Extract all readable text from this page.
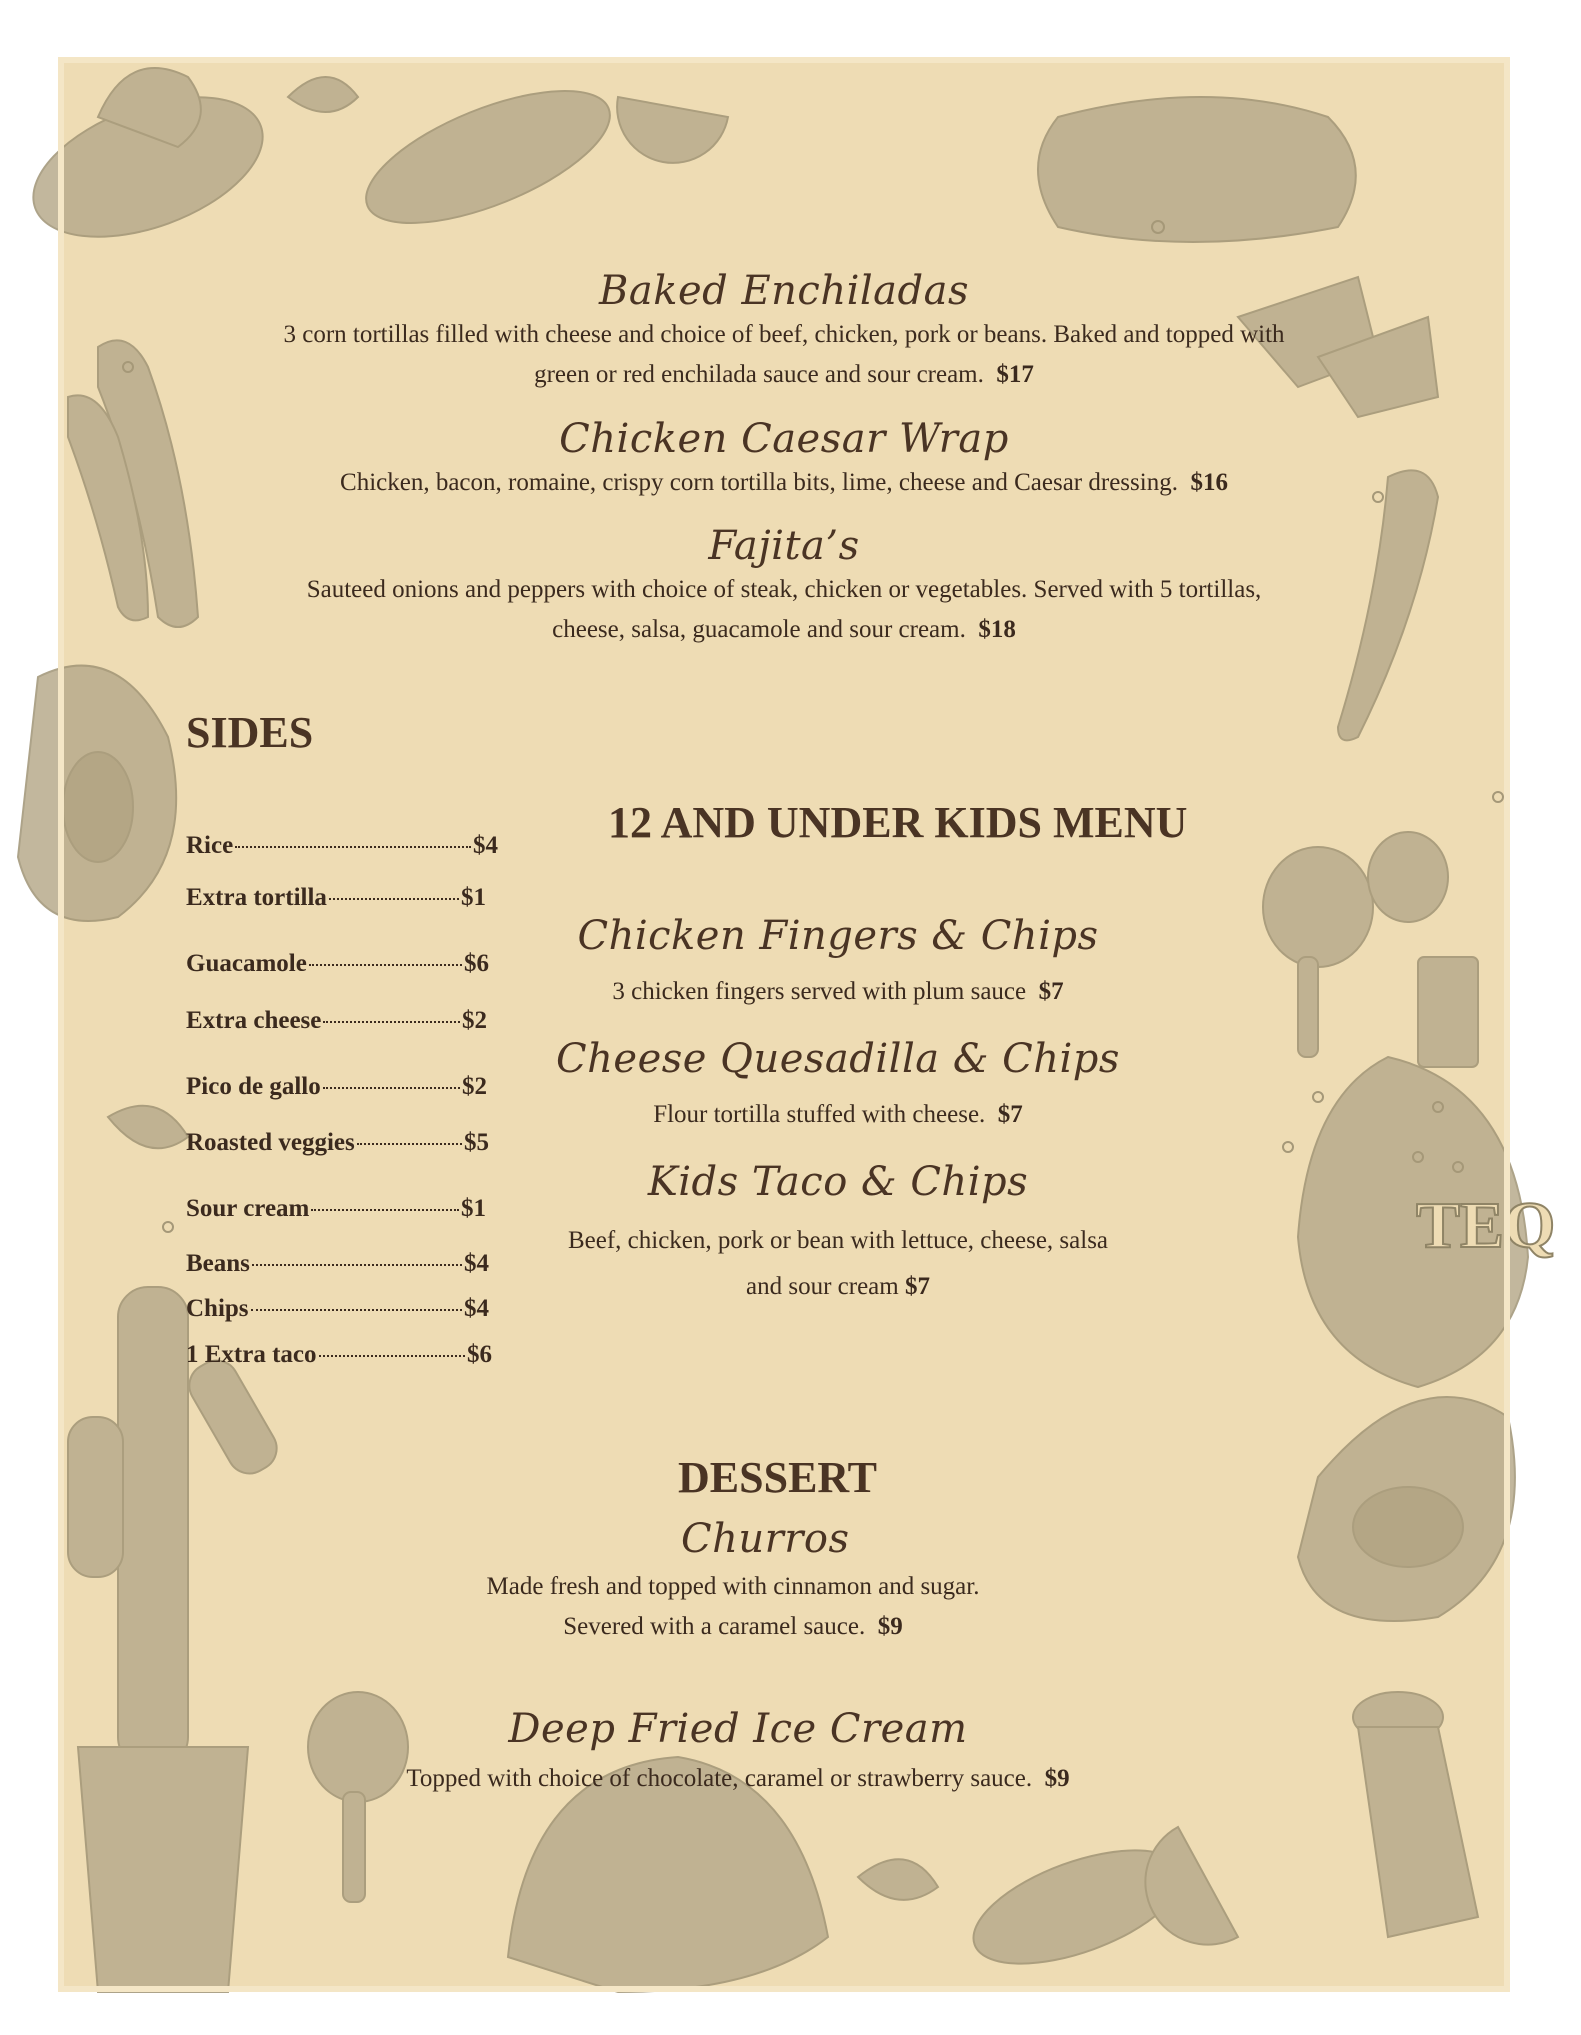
TEQ
Baked Enchiladas
3 corn tortillas filled with cheese and choice of beef, chicken, pork or beans. Baked and topped with
green or red enchilada sauce and sour cream. $17
Chicken Caesar Wrap
Chicken, bacon, romaine, crispy corn tortilla bits, lime, cheese and Caesar dressing. $16
Fajita’s
Sauteed onions and peppers with choice of steak, chicken or vegetables. Served with 5 tortillas,
cheese, salsa, guacamole and sour cream. $18
SIDES
Rice	$4
Extra tortilla	$1
Guacamole	$6
Extra cheese	$2
Pico de gallo	$2
Roasted veggies	$5
Sour cream	$1
Beans	$4
Chips	$4
1 Extra taco	$6
12 AND UNDER KIDS MENU
Chicken Fingers & Chips
3 chicken fingers served with plum sauce $7
Cheese Quesadilla & Chips
Flour tortilla stuffed with cheese. $7
Kids Taco & Chips
Beef, chicken, pork or bean with lettuce, cheese, salsa
and sour cream $7
DESSERT
Churros
Made fresh and topped with cinnamon and sugar.
Severed with a caramel sauce. $9
Deep Fried Ice Cream
Topped with choice of chocolate, caramel or strawberry sauce. $9
